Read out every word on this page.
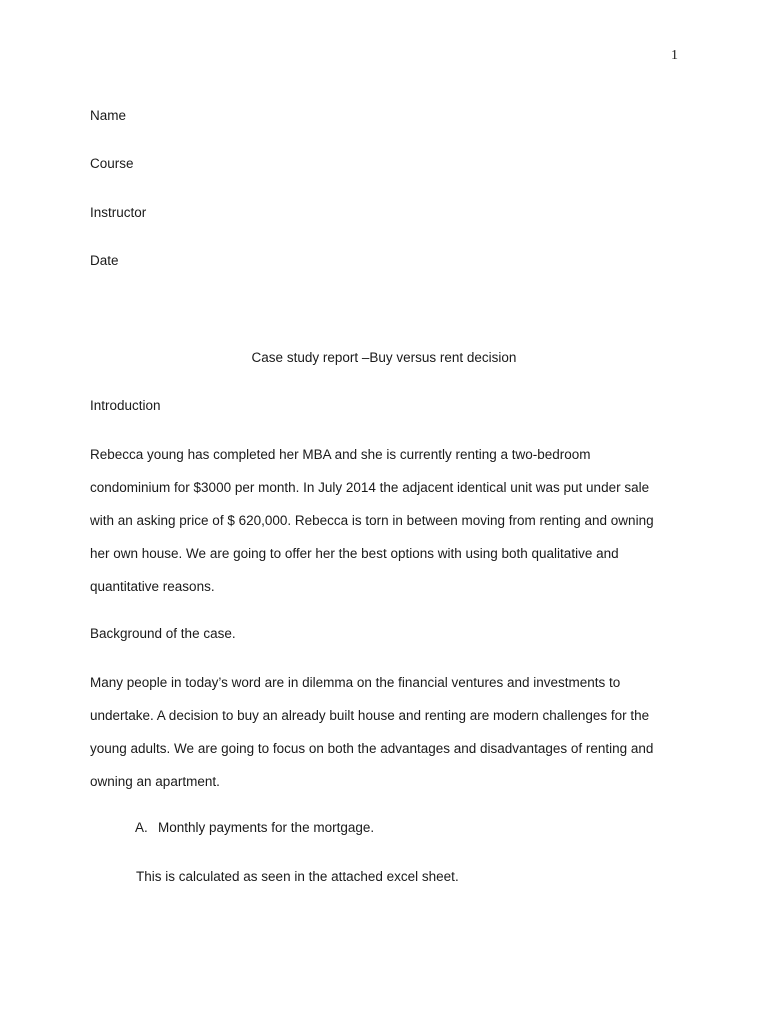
1
Name
Course
Instructor
Date
Case study report –Buy versus rent decision
Introduction

Rebecca young has completed her MBA and she is currently renting a two-bedroom
condominium for $3000 per month. In July 2014 the adjacent identical unit was put under sale
with an asking price of $ 620,000. Rebecca is torn in between moving from renting and owning
her own house. We are going to offer her the best options with using both qualitative and
quantitative reasons.

Background of the case.

Many people in today’s word are in dilemma on the financial ventures and investments to
undertake. A decision to buy an already built house and renting are modern challenges for the
young adults. We are going to focus on both the advantages and disadvantages of renting and
owning an apartment.

A. Monthly payments for the mortgage.
This is calculated as seen in the attached excel sheet.
